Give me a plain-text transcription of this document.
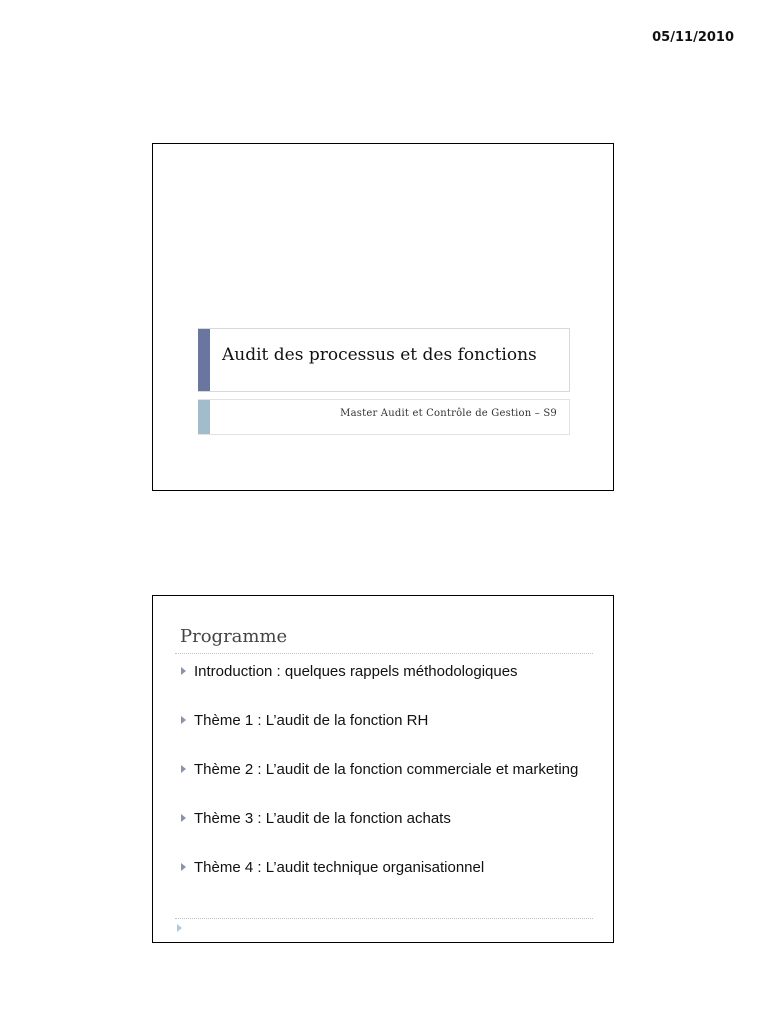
05/11/2010
Audit des processus et des fonctions
Master Audit et Contrôle de Gestion – S9
Programme
Introduction : quelques rappels méthodologiques
Thème 1 : L’audit de la fonction RH
Thème 2 : L’audit de la fonction commerciale et marketing
Thème 3 : L’audit de la fonction achats
Thème 4 : L’audit technique organisationnel
